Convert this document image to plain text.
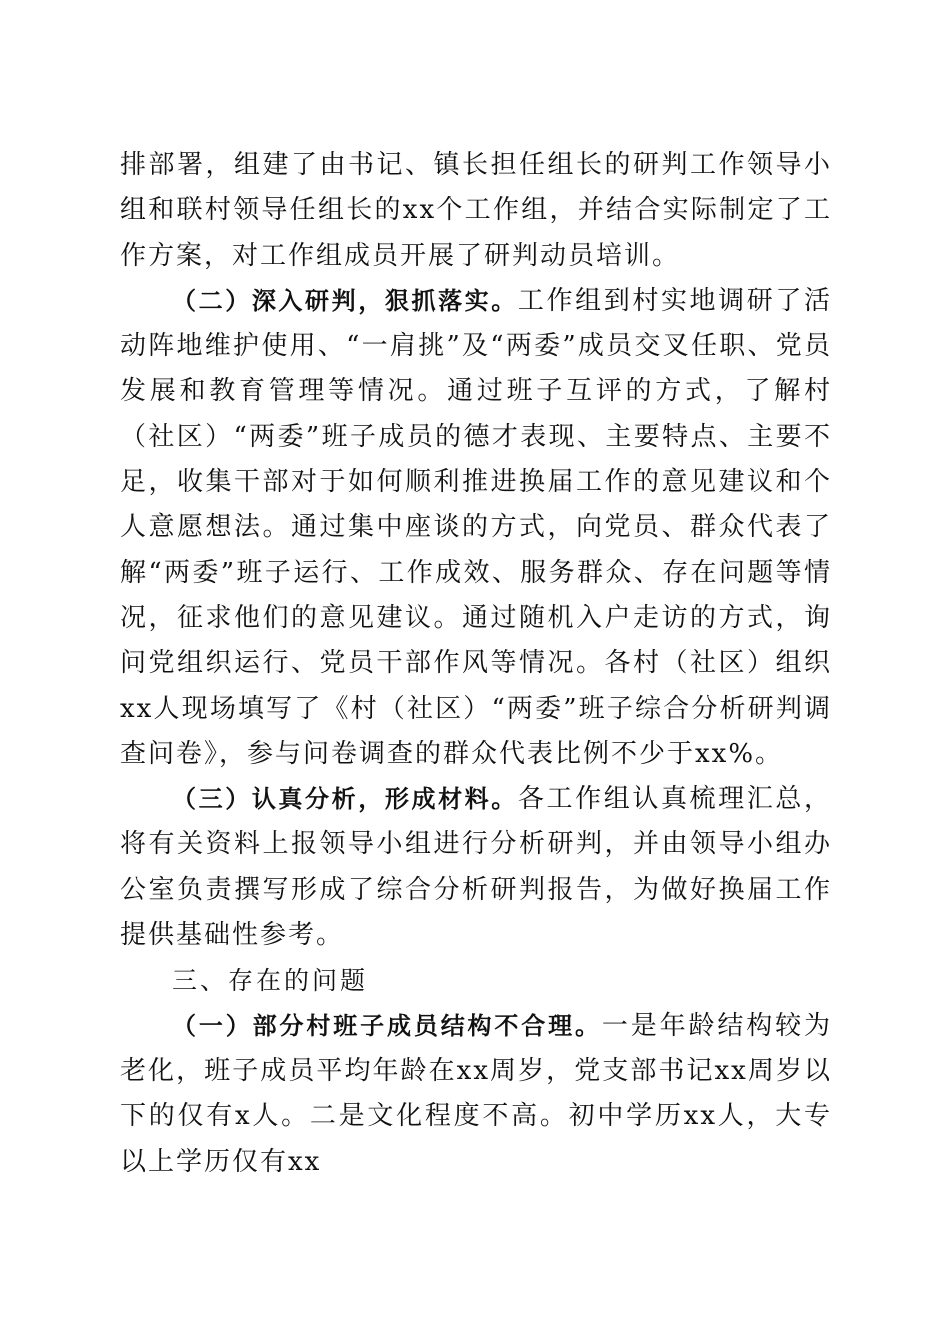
排部署，组建了由书记、镇长担任组长的研判工作领导小组和联村领导任组长的xx个工作组，并结合实际制定了工作方案，对工作组成员开展了研判动员培训。

（二）深入研判，狠抓落实。工作组到村实地调研了活动阵地维护使用、“一肩挑”及“两委”成员交叉任职、党员发展和教育管理等情况。通过班子互评的方式，了解村（社区）“两委”班子成员的德才表现、主要特点、主要不足，收集干部对于如何顺利推进换届工作的意见建议和个人意愿想法。通过集中座谈的方式，向党员、群众代表了解“两委”班子运行、工作成效、服务群众、存在问题等情况，征求他们的意见建议。通过随机入户走访的方式，询问党组织运行、党员干部作风等情况。各村（社区）组织xx人现场填写了《村（社区）“两委”班子综合分析研判调查问卷》，参与问卷调查的群众代表比例不少于xx%。

（三）认真分析，形成材料。各工作组认真梳理汇总，将有关资料上报领导小组进行分析研判，并由领导小组办公室负责撰写形成了综合分析研判报告，为做好换届工作提供基础性参考。

三、存在的问题

（一）部分村班子成员结构不合理。一是年龄结构较为老化，班子成员平均年龄在xx周岁，党支部书记xx周岁以下的仅有x人。二是文化程度不高。初中学历xx人，大专以上学历仅有xx
